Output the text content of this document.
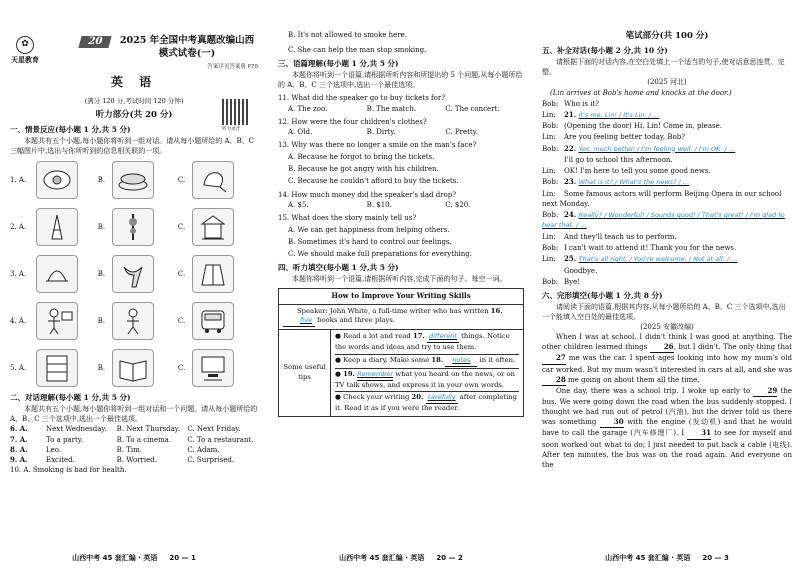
✿
天星教育
20	2025 年全国中考真题改编山西
模式试卷(一)
答案详见答案册 P70
英 语
(满分 120 分,考试时间 120 分钟)
听力部分(共 20 分)
听力录音
一、情景反应(每小题 1 分,共 5 分)

本题共有五个小题,每小题你将听到一组对话。请从每小题所给的 A、B、C 三幅图片中,选出与你所听到的信息相关联的一项。

1. A.	B.	C.
2. A.	B.	C.
3. A.	B.	C.
4. A.	B.	C.
5. A.	B.	C.
二、对话理解(每小题 1 分,共 5 分)

本题共有五个小题,每小题你将听到一组对话和一个问题。请从每小题所给的 A、B、C 三个选项中,选出一个最佳选项。

6. A.	Next Wednesday.	B. Next Thursday.	C. Next Friday.
7. A.	To a party.	B. To a cinema.	C. To a restaurant.
8. A.	Leo.	B. Tim.	C. Adam.
9. A.	Excited.	B. Worried.	C. Surprised.

10. A. Smoking is bad for health.

山西中考 45 套汇编 · 英语 20 — 1

B. It's not allowed to smoke here.

C. She can help the man stop smoking.

三、语篇理解(每小题 1 分,共 5 分)

本题你将听到一个语篇,请根据所听内容和所提出的 5 个问题,从每小题所给的 A、B、C 三个选项中,选出一个最佳选项。

11. What did the speaker go to buy tickets for?

A. The zoo.	B. The match.	C. The concert.

12. How were the four children's clothes?

A. Old.	B. Dirty.	C. Pretty.

13. Why was there no longer a smile on the man's face?

A. Because he forgot to bring the tickets.

B. Because he got angry with his children.

C. Because he couldn't afford to buy the tickets.

14. How much money did the speaker's dad drop?

A. $5.	B. $10.	C. $20.

15. What does the story mainly tell us?

A. We can get happiness from helping others.

B. Sometimes it's hard to control our feelings.

C. We should make full preparations for everything.

四、听力填空(每小题 1 分,共 5 分)

本题你将听到一个语篇,请根据所听内容,完成下面的句子。每空一词。

How to Improve Your Writing Skills
Speaker: John White, a full-time writer who has written 16. five books and three plays.
Some useful tips	
● Read a lot and read 17. different things. Notice the words and ideas and try to use them.
● Keep a diary. Make some 18. notes in it often.
● 19. Remember what you heard on the news, or on TV talk shows, and express it in your own words.
● Check your writing 20. carefully after completing it. Read it as if you were the reader.
山西中考 45 套汇编 · 英语 20 — 2
笔试部分(共 100 分)
五、补全对话(每小题 2 分,共 10 分)

请根据下面的对话内容,在空白处填上一个适当的句子,使对话意思连贯、完整。

(2025 河北)

(Lin arrives at Bob's home and knocks at the door.)

Bob: Who is it?

Lin: 21. It's me, Lin! / It's Lin. / …

Bob: (Opening the door) Hi, Lin! Come in, please.

Lin: Are you feeling better today, Bob?

Bob: 22. Yes, much better. / I'm feeling well. / I'm OK. / …

I'll go to school this afternoon.

Lin: OK! I'm here to tell you some good news.

Bob: 23. What is it? / What's the news? / …

Lin: Some famous actors will perform Beijing Opera in our school next Monday.

Bob: 24. Really? / Wonderful! / Sounds good! / That's great! / I'm glad to hear that. / …

Lin: And they'll teach us to perform.

Bob: I can't wait to attend it! Thank you for the news.

Lin: 25. That's all right. / You're welcome. / Not at all. / …

Goodbye.

Bob: Bye!

六、完形填空(每小题 1 分,共 8 分)

请阅读下面的语篇,根据其内容,从每小题所给的 A、B、C 三个选项中,选出一个能填入空白处的最佳选项。

(2025 安徽改编)

When I was at school, I didn't think I was good at anything. The other children learned things 26, but I didn't. The only thing that 27 me was the car. I spent ages looking into how my mum's old car worked. But my mum wasn't interested in cars at all, and she was 28 me going on about them all the time.

One day, there was a school trip. I woke up early to 29 the bus. We were going down the road when the bus suddenly stopped. I thought we had run out of petrol (汽油), but the driver told us there was something	30 with the engine (发动机) and that he would have to call the garage (汽车修理厂). I 31 to see for myself and soon worked out what to do; I just needed to put back a cable (电线). After ten minutes, the bus was on the road again. And everyone on the

山西中考 45 套汇编 · 英语 20 — 3
